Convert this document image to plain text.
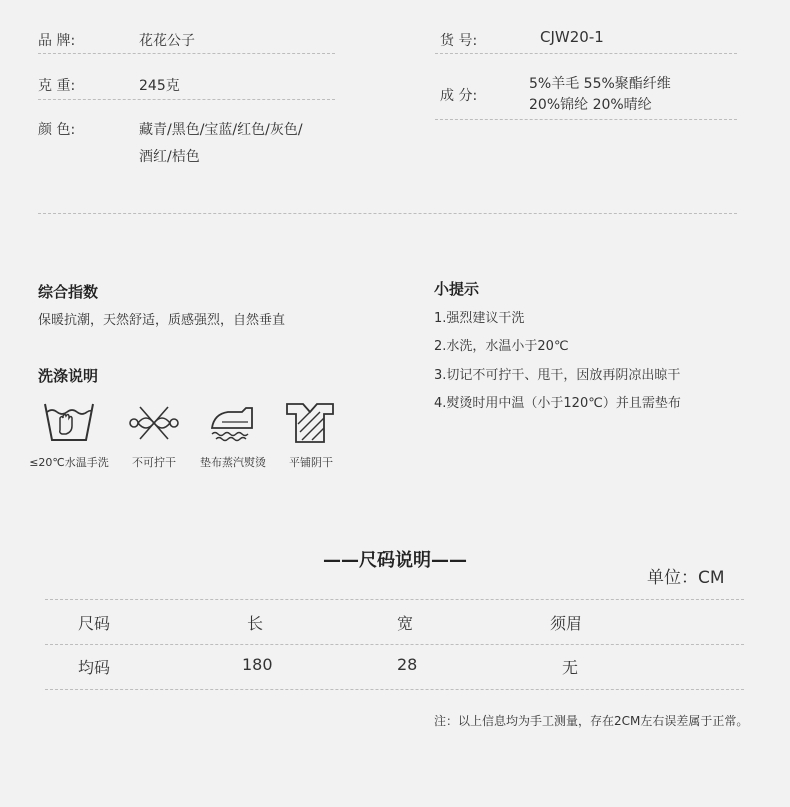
品 牌:	花花公子
克 重:	245克
颜 色:	藏青/黑色/宝蓝/红色/灰色/
酒红/桔色
货 号:	CJW20-1
成 分:
5%羊毛 55%聚酯纤维
20%锦纶 20%晴纶
综合指数
保暖抗潮，天然舒适，质感强烈，自然垂直
洗涤说明
≤20℃水温手洗	不可拧干	垫布蒸汽熨烫	平铺阴干
小提示
1.强烈建议干洗
2.水洗，水温小于20℃
3.切记不可拧干、甩干，因放再阴凉出晾干
4.熨烫时用中温（小于120℃）并且需垫布
——尺码说明——
单位：CM
尺码	长	宽	须眉
均码	180	28	无
注：以上信息均为手工测量，存在2CM左右误差属于正常。
